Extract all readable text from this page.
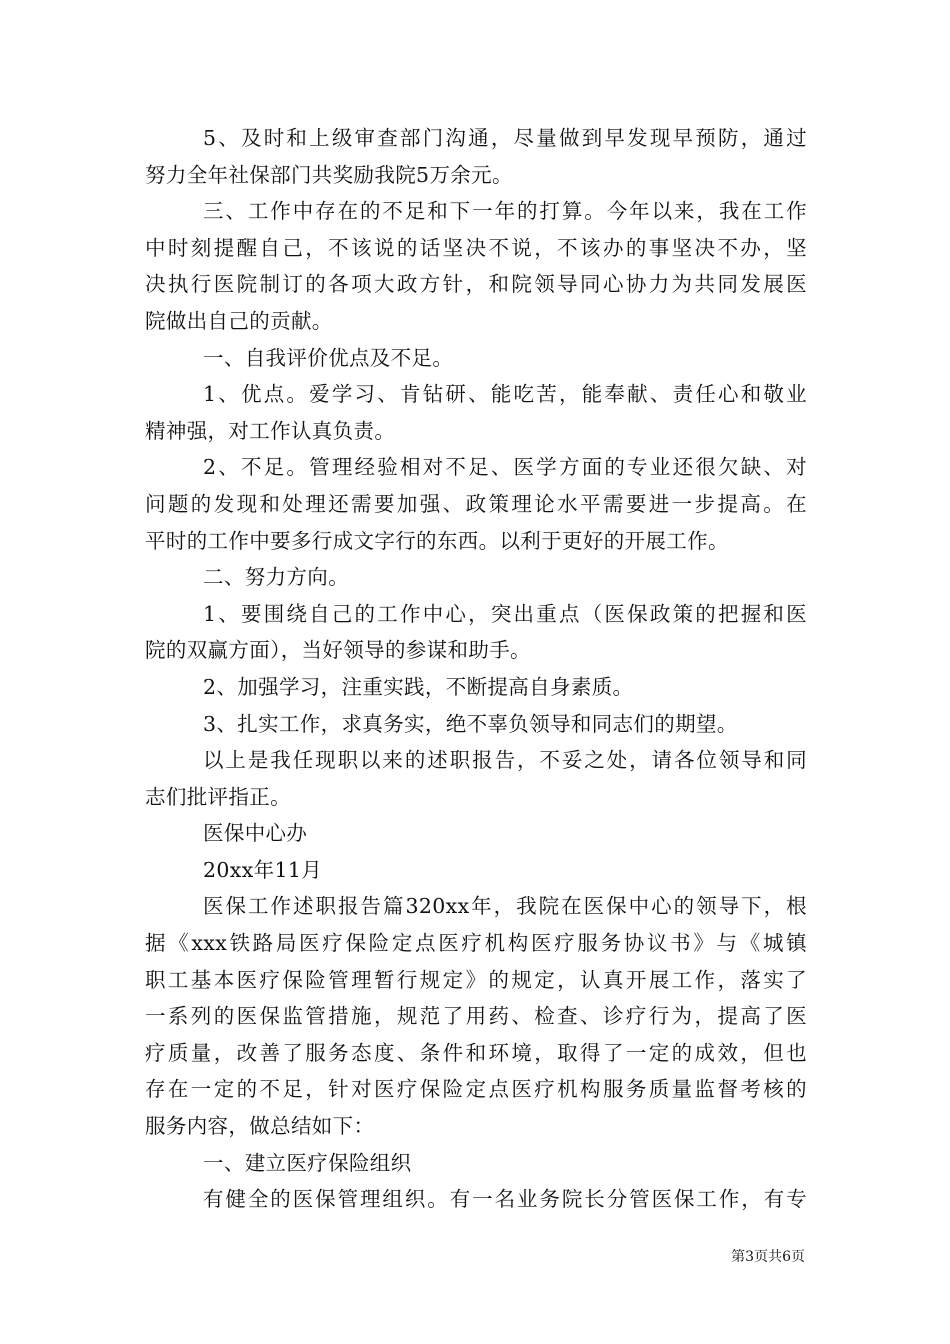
5、及时和上级审查部门沟通，尽量做到早发现早预防，通过
努力全年社保部门共奖励我院5万余元。
三、工作中存在的不足和下一年的打算。今年以来，我在工作
中时刻提醒自己，不该说的话坚决不说，不该办的事坚决不办，坚
决执行医院制订的各项大政方针，和院领导同心协力为共同发展医
院做出自己的贡献。
一、自我评价优点及不足。
1、优点。爱学习、肯钻研、能吃苦，能奉献、责任心和敬业
精神强，对工作认真负责。
2、不足。管理经验相对不足、医学方面的专业还很欠缺、对
问题的发现和处理还需要加强、政策理论水平需要进一步提高。在
平时的工作中要多行成文字行的东西。以利于更好的开展工作。
二、努力方向。
1、要围绕自己的工作中心，突出重点（医保政策的把握和医
院的双赢方面），当好领导的参谋和助手。
2、加强学习，注重实践，不断提高自身素质。
3、扎实工作，求真务实，绝不辜负领导和同志们的期望。
以上是我任现职以来的述职报告，不妥之处，请各位领导和同
志们批评指正。
医保中心办
20xx年11月
医保工作述职报告篇320xx年，我院在医保中心的领导下，根
据《xxx铁路局医疗保险定点医疗机构医疗服务协议书》与《城镇
职工基本医疗保险管理暂行规定》的规定，认真开展工作，落实了
一系列的医保监管措施，规范了用药、检查、诊疗行为，提高了医
疗质量，改善了服务态度、条件和环境，取得了一定的成效，但也
存在一定的不足，针对医疗保险定点医疗机构服务质量监督考核的
服务内容，做总结如下：
一、建立医疗保险组织
有健全的医保管理组织。有一名业务院长分管医保工作，有专
第3页共6页
